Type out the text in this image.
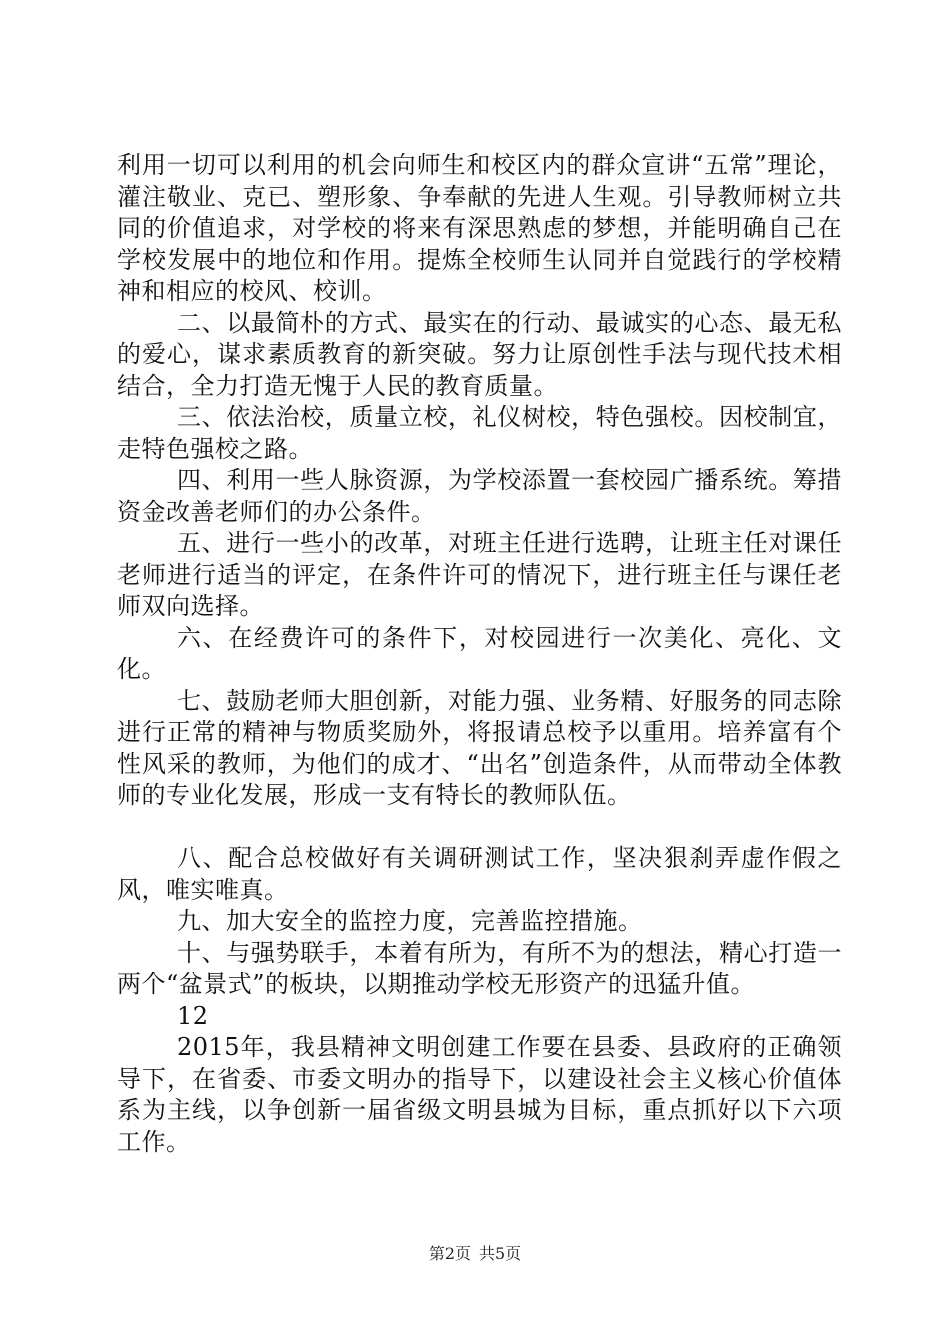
利用一切可以利用的机会向师生和校区内的群众宣讲“五常”理论，灌注敬业、克已、塑形象、争奉献的先进人生观。引导教师树立共同的价值追求，对学校的将来有深思熟虑的梦想，并能明确自己在学校发展中的地位和作用。提炼全校师生认同并自觉践行的学校精神和相应的校风、校训。

二、以最简朴的方式、最实在的行动、最诚实的心态、最无私的爱心，谋求素质教育的新突破。努力让原创性手法与现代技术相结合，全力打造无愧于人民的教育质量。

三、依法治校，质量立校，礼仪树校，特色强校。因校制宜，走特色强校之路。

四、利用一些人脉资源，为学校添置一套校园广播系统。筹措资金改善老师们的办公条件。

五、进行一些小的改革，对班主任进行选聘，让班主任对课任老师进行适当的评定，在条件许可的情况下，进行班主任与课任老师双向选择。

六、在经费许可的条件下，对校园进行一次美化、亮化、文化。

七、鼓励老师大胆创新，对能力强、业务精、好服务的同志除进行正常的精神与物质奖励外，将报请总校予以重用。培养富有个性风采的教师，为他们的成才、“出名”创造条件，从而带动全体教师的专业化发展，形成一支有特长的教师队伍。

八、配合总校做好有关调研测试工作，坚决狠刹弄虚作假之风，唯实唯真。

九、加大安全的监控力度，完善监控措施。

十、与强势联手，本着有所为，有所不为的想法，精心打造一两个“盆景式”的板块，以期推动学校无形资产的迅猛升值。

12

2015年，我县精神文明创建工作要在县委、县政府的正确领导下，在省委、市委文明办的指导下，以建设社会主义核心价值体系为主线，以争创新一届省级文明县城为目标，重点抓好以下六项工作。

第2页 共5页
